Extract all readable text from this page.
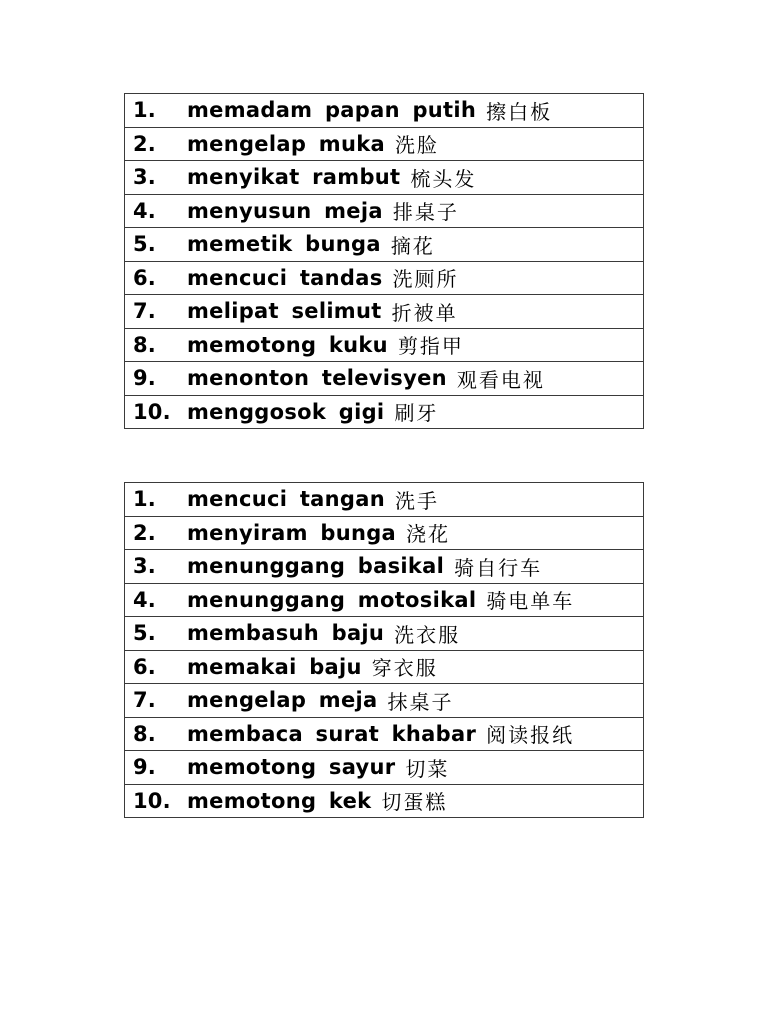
1.	memadam papan putih 擦白板

2.	mengelap muka 洗脸

3.	menyikat rambut 梳头发

4.	menyusun meja 排桌子

5.	memetik bunga 摘花

6.	mencuci tandas 洗厕所

7.	melipat selimut 折被单

8.	memotong kuku 剪指甲

9.	menonton televisyen 观看电视

10. menggosok gigi 刷牙
1.	mencuci tangan 洗手

2.	menyiram bunga 浇花

3.	menunggang basikal 骑自行车

4.	menunggang motosikal 骑电单车

5.	membasuh baju 洗衣服

6.	memakai baju 穿衣服

7.	mengelap meja 抹桌子

8.	membaca surat khabar 阅读报纸

9.	memotong sayur 切菜

10. memotong kek 切蛋糕
